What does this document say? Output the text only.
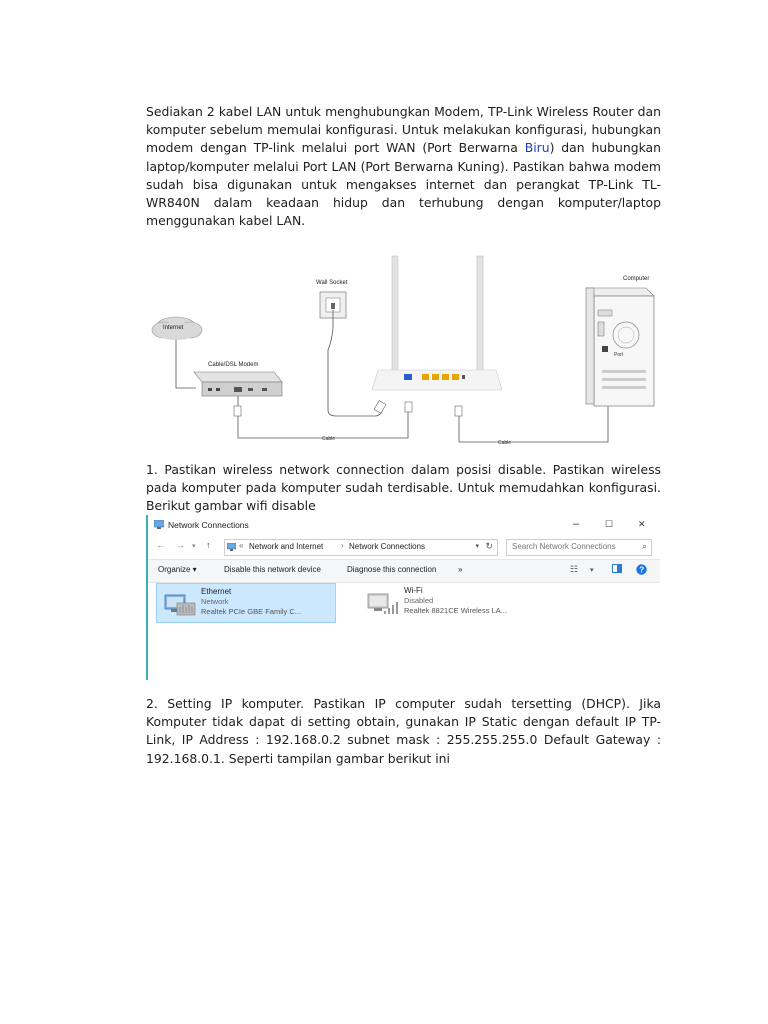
Sediakan 2 kabel LAN untuk menghubungkan Modem, TP-Link Wireless Router dan komputer sebelum memulai konfigurasi. Untuk melakukan konfigurasi, hubungkan modem dengan TP-link melalui port WAN (Port Berwarna Biru) dan hubungkan laptop/komputer melalui Port LAN (Port Berwarna Kuning). Pastikan bahwa modem sudah bisa digunakan untuk mengakses internet dan perangkat TP-Link TL-WR840N dalam keadaan hidup dan terhubung dengan komputer/laptop menggunakan kabel LAN.

Internet
Cable/DSL Modem
Cable
Wall Socket
Cable
Computer
Port

1. Pastikan wireless network connection dalam posisi disable. Pastikan wireless pada komputer pada komputer sudah terdisable. Untuk memudahkan konfigurasi. Berikut gambar wifi disable

Network Connections	–	☐	✕
← → ▾ ↑	« Network and Internet › Network Connections	▾ ↻ Search Network Connections	⌕
Organize ▾	Disable this network device	Diagnose this connection	»	☷ ▾	?
Ethernet
Network
Realtek PCIe GBE Family C...
Wi-Fi
Disabled
Realtek 8821CE Wireless LA...

2. Setting IP komputer. Pastikan IP computer sudah tersetting (DHCP). Jika Komputer tidak dapat di setting obtain, gunakan IP Static dengan default IP TP-Link, IP Address : 192.168.0.2 subnet mask : 255.255.255.0 Default Gateway : 192.168.0.1. Seperti tampilan gambar berikut ini
